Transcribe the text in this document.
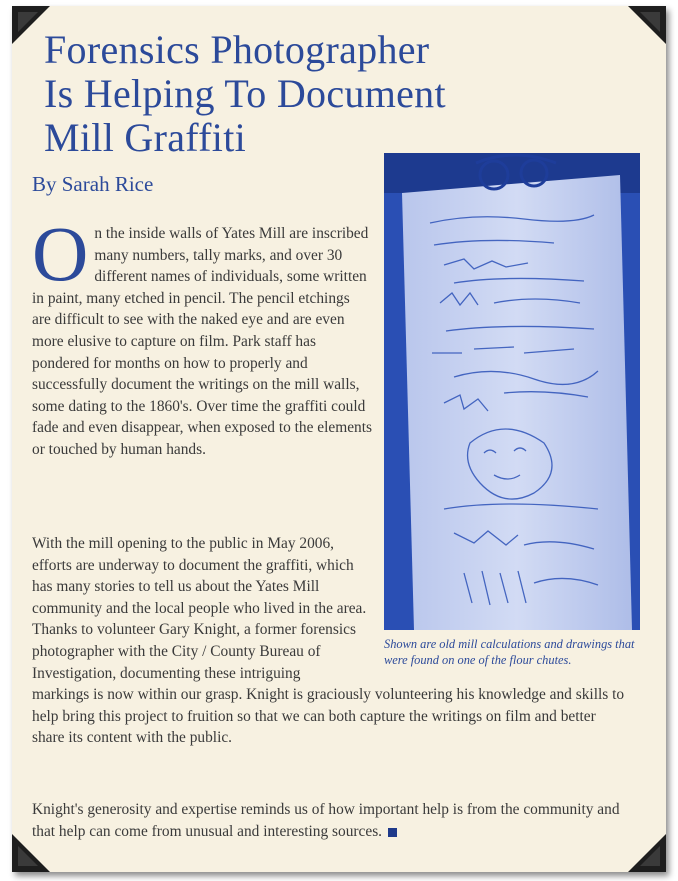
Forensics Photographer
Is Helping To Document
Mill Graffiti
By Sarah Rice
On the inside walls of Yates Mill are inscribed many numbers, tally marks, and over 30 different names of individuals, some written in paint, many etched in pencil. The pencil etchings are difficult to see with the naked eye and are even more elusive to capture on film. Park staff has pondered for months on how to properly and successfully document the writings on the mill walls, some dating to the 1860's. Over time the graffiti could fade and even disappear, when exposed to the elements or touched by human hands.
Shown are old mill calculations and drawings that were found on one of the flour chutes.
With the mill opening to the public in May 2006, efforts are underway to document the graffiti, which has many stories to tell us about the Yates Mill community and the local people who lived in the area. Thanks to volunteer Gary Knight, a former forensics photographer with the City / County Bureau of Investigation, documenting these intriguing
markings is now within our grasp. Knight is graciously volunteering his knowledge and skills to help bring this project to fruition so that we can both capture the writings on film and better share its content with the public.
Knight's generosity and expertise reminds us of how important help is from the community and that help can come from unusual and interesting sources.
